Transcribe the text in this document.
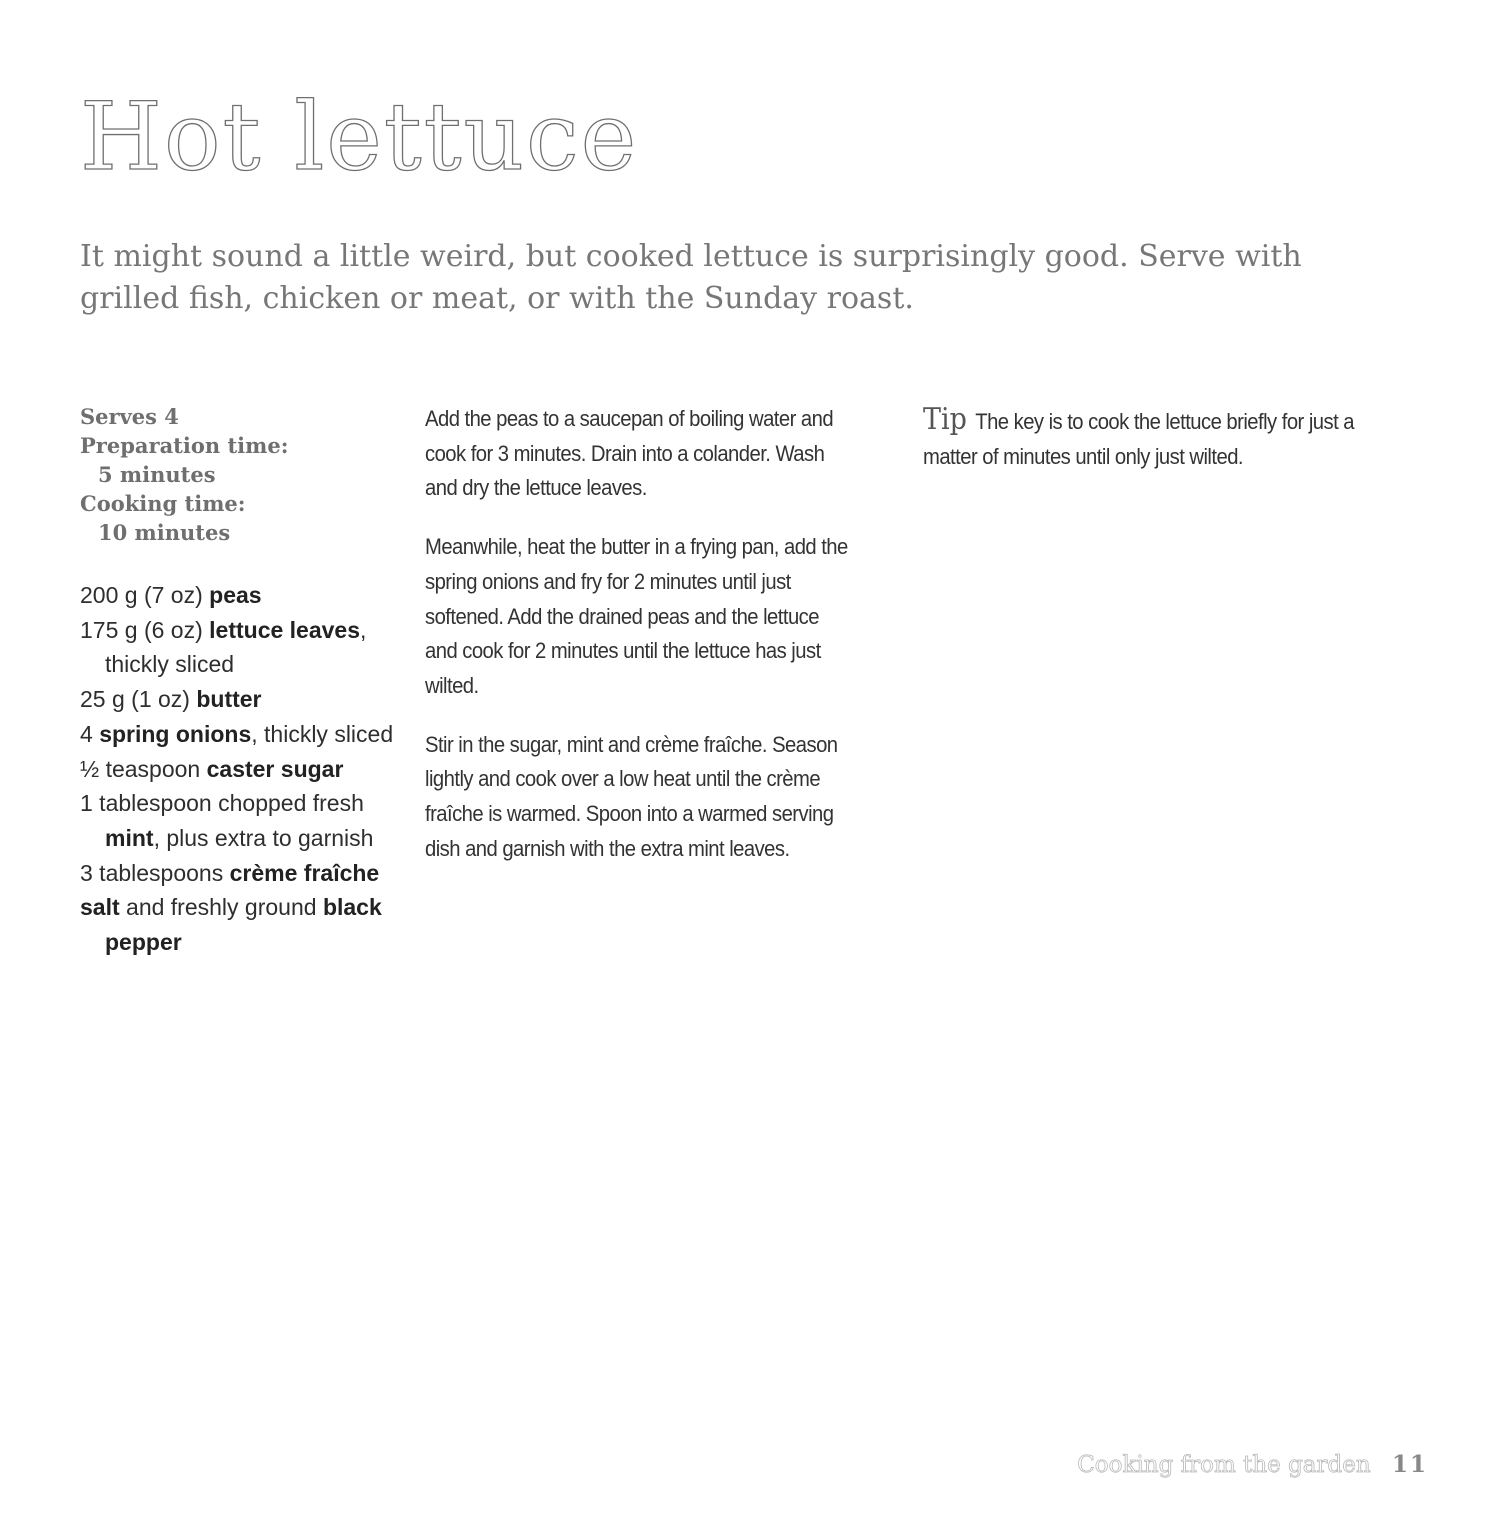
Hot lettuce

It might sound a little weird, but cooked lettuce is surprisingly good. Serve with grilled fish, chicken or meat, or with the Sunday roast.

Serves 4
Preparation time:
5 minutes
Cooking time:
10 minutes
200 g (7 oz) peas
175 g (6 oz) lettuce leaves, thickly sliced
25 g (1 oz) butter
4 spring onions, thickly sliced
½ teaspoon caster sugar
1 tablespoon chopped fresh mint, plus extra to garnish
3 tablespoons crème fraîche
salt and freshly ground black pepper

Add the peas to a saucepan of boiling water and cook for 3 minutes. Drain into a colander. Wash and dry the lettuce leaves.

Meanwhile, heat the butter in a frying pan, add the spring onions and fry for 2 minutes until just softened. Add the drained peas and the lettuce and cook for 2 minutes until the lettuce has just wilted.

Stir in the sugar, mint and crème fraîche. Season lightly and cook over a low heat until the crème fraîche is warmed. Spoon into a warmed serving dish and garnish with the extra mint leaves.

Tip The key is to cook the lettuce briefly for just a matter of minutes until only just wilted.
Cooking from the garden 11
